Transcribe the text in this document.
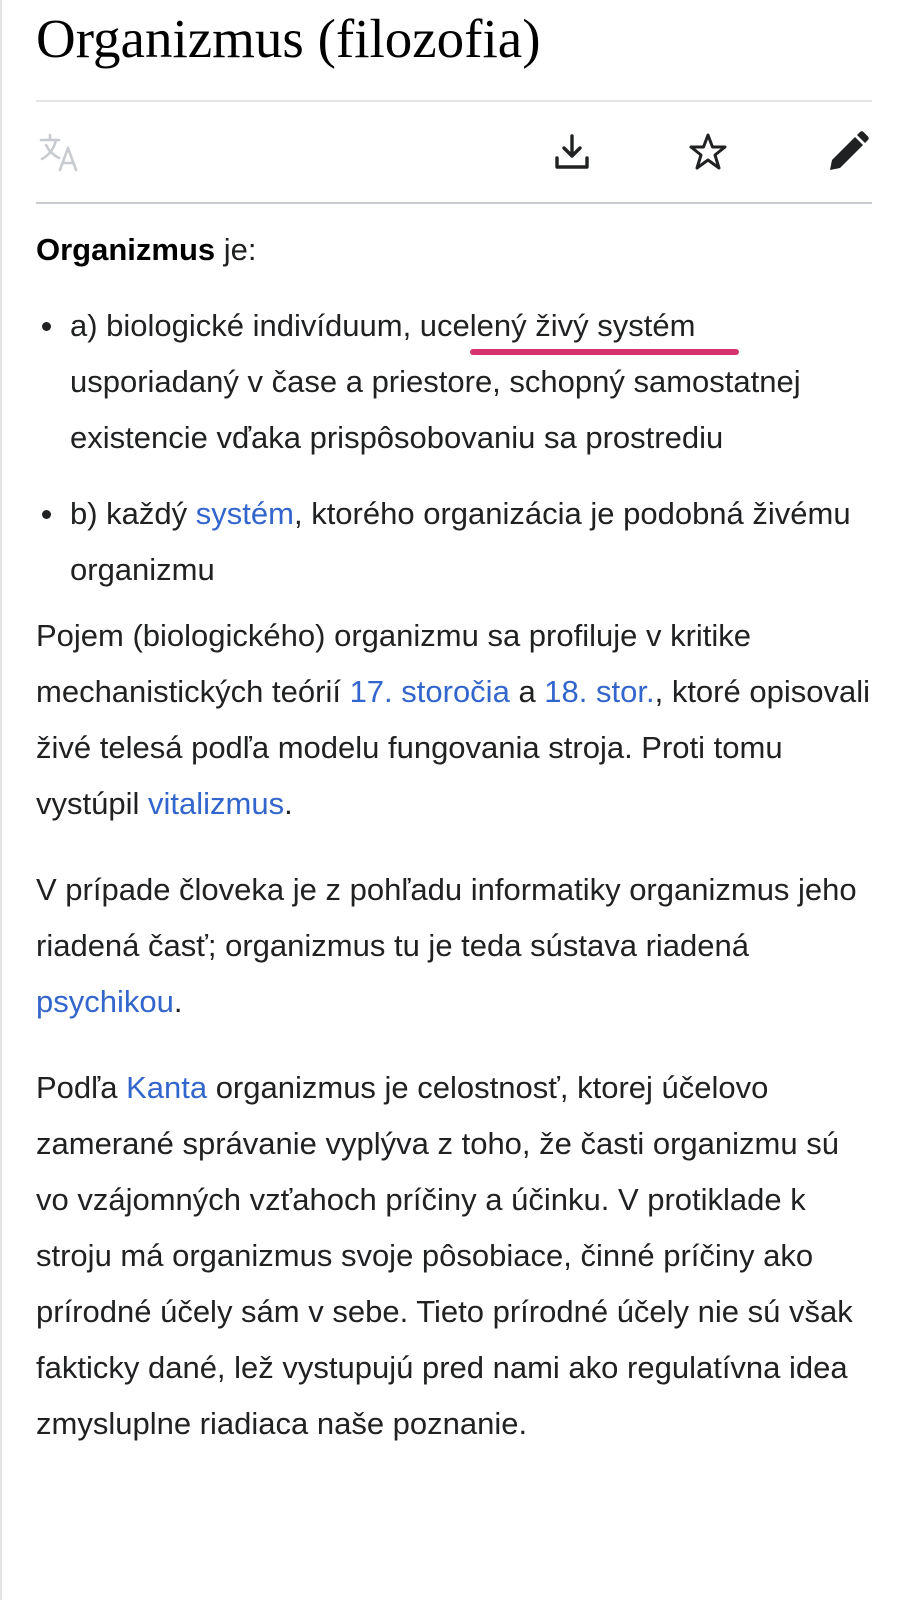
Organizmus (filozofia)

Organizmus je:

a) biologické indivíduum, ucelený živý systém usporiadaný v čase a priestore, schopný samostatnej existencie vďaka prispôsobovaniu sa prostrediu
b) každý systém, ktorého organizácia je podobná živému organizmu

Pojem (biologického) organizmu sa profiluje v kritike mechanistických teórií 17. storočia a 18. stor., ktoré opisovali živé telesá podľa modelu fungovania stroja. Proti tomu vystúpil vitalizmus.

V prípade človeka je z pohľadu informatiky organizmus jeho riadená časť; organizmus tu je teda sústava riadená psychikou.

Podľa Kanta organizmus je celostnosť, ktorej účelovo zamerané správanie vyplýva z toho, že časti organizmu sú vo vzájomných vzťahoch príčiny a účinku. V protiklade k stroju má organizmus svoje pôsobiace, činné príčiny ako prírodné účely sám v sebe. Tieto prírodné účely nie sú však fakticky dané, lež vystupujú pred nami ako regulatívna idea zmysluplne riadiaca naše poznanie.
